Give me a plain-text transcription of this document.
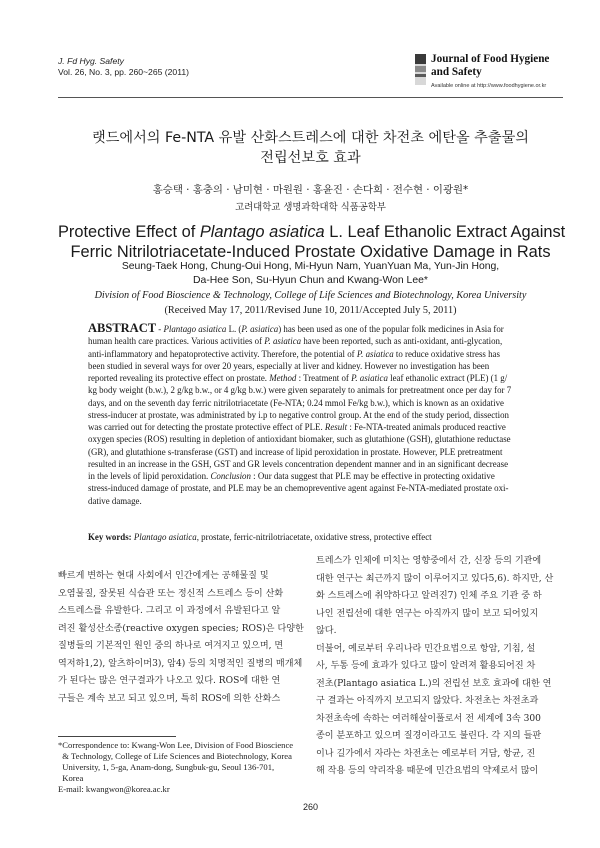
J. Fd Hyg. Safety
Vol. 26, No. 3, pp. 260~265 (2011)
Journal of Food Hygiene
and Safety
Available online at http://www.foodhygiene.or.kr
랫드에서의 Fe-NTA 유발 산화스트레스에 대한 차전초 에탄올 추출물의
전립선보호 효과
홍승택 · 홍충의 · 남미현 · 마원원 · 홍윤진 · 손다희 · 전수현 · 이광원*
고려대학교 생명과학대학 식품공학부
Protective Effect of Plantago asiatica L. Leaf Ethanolic Extract Against
Ferric Nitrilotriacetate-Induced Prostate Oxidative Damage in Rats
Seung-Taek Hong, Chung-Oui Hong, Mi-Hyun Nam, YuanYuan Ma, Yun-Jin Hong,
Da-Hee Son, Su-Hyun Chun and Kwang-Won Lee*
Division of Food Bioscience & Technology, College of Life Sciences and Biotechnology, Korea University
(Received May 17, 2011/Revised June 10, 2011/Accepted July 5, 2011)
ABSTRACT - Plantago asiatica L. (P. asiatica) has been used as one of the popular folk medicines in Asia for
human health care practices. Various activities of P. asiatica have been reported, such as anti-oxidant, anti-glycation,
anti-inflammatory and hepatoprotective activity. Therefore, the potential of P. asiatica to reduce oxidative stress has
been studied in several ways for over 20 years, especially at liver and kidney. However no investigation has been
reported revealing its protective effect on prostate. Method : Treatment of P. asiatica leaf ethanolic extract (PLE) (1 g/
kg body weight (b.w.), 2 g/kg b.w., or 4 g/kg b.w.) were given separately to animals for pretreatment once per day for 7
days, and on the seventh day ferric nitrilotriacetate (Fe-NTA; 0.24 mmol Fe/kg b.w.), which is known as an oxidative
stress-inducer at prostate, was administrated by i.p to negative control group. At the end of the study period, dissection
was carried out for detecting the prostate protective effect of PLE. Result : Fe-NTA-treated animals produced reactive
oxygen species (ROS) resulting in depletion of antioxidant biomaker, such as glutathione (GSH), glutathione reductase
(GR), and glutathione s-transferase (GST) and increase of lipid peroxidation in prostate. However, PLE pretreatment
resulted in an increase in the GSH, GST and GR levels concentration dependent manner and in an significant decrease
in the levels of lipid peroxidation. Conclusion : Our data suggest that PLE may be effective in protecting oxidative
stress-induced damage of prostate, and PLE may be an chemopreventive agent against Fe-NTA-mediated prostate oxi-
dative damage.
Key words: Plantago asiatica, prostate, ferric-nitrilotriacetate, oxidative stress, protective effect
빠르게 변하는 현대 사회에서 인간에게는 공해물질 및
오염물질, 잘못된 식습관 또는 정신적 스트레스 등이 산화
스트레스를 유발한다. 그리고 이 과정에서 유발된다고 알
려진 활성산소종(reactive oxygen species; ROS)은 다양한
질병들의 기본적인 원인 중의 하나로 여겨지고 있으며, 면
역저하1,2), 알츠하이머3), 암4) 등의 치명적인 질병의 매개체
가 된다는 많은 연구결과가 나오고 있다. ROS에 대한 연
구들은 계속 보고 되고 있으며, 특히 ROS에 의한 산화스
트레스가 인체에 미치는 영향중에서 간, 신장 등의 기관에
대한 연구는 최근까지 많이 이루어지고 있다5,6). 하지만, 산
화 스트레스에 취약하다고 알려진7) 인체 주요 기관 중 하
나인 전립선에 대한 연구는 아직까지 많이 보고 되어있지
않다.
더불어, 예로부터 우리나라 민간요법으로 항암, 기침, 설
사, 두통 등에 효과가 있다고 많이 알려져 활용되어진 차
전초(Plantago asiatica L.)의 전립선 보호 효과에 대한 연
구 결과는 아직까지 보고되지 않았다. 차전초는 차전초과
차전초속에 속하는 여러해살이풀로서 전 세계에 3속 300
종이 분포하고 있으며 질경이라고도 불린다. 각 지의 들판
이나 길가에서 자라는 차전초는 예로부터 거담, 항균, 진
해 작용 등의 약리작용 때문에 민간요법의 약제로서 많이
*Correspondence to: Kwang-Won Lee, Division of Food Bioscience
& Technology, College of Life Sciences and Biotechnology, Korea
University, 1, 5-ga, Anam-dong, Sungbuk-gu, Seoul 136-701,
Korea
E-mail: kwangwon@korea.ac.kr
260
